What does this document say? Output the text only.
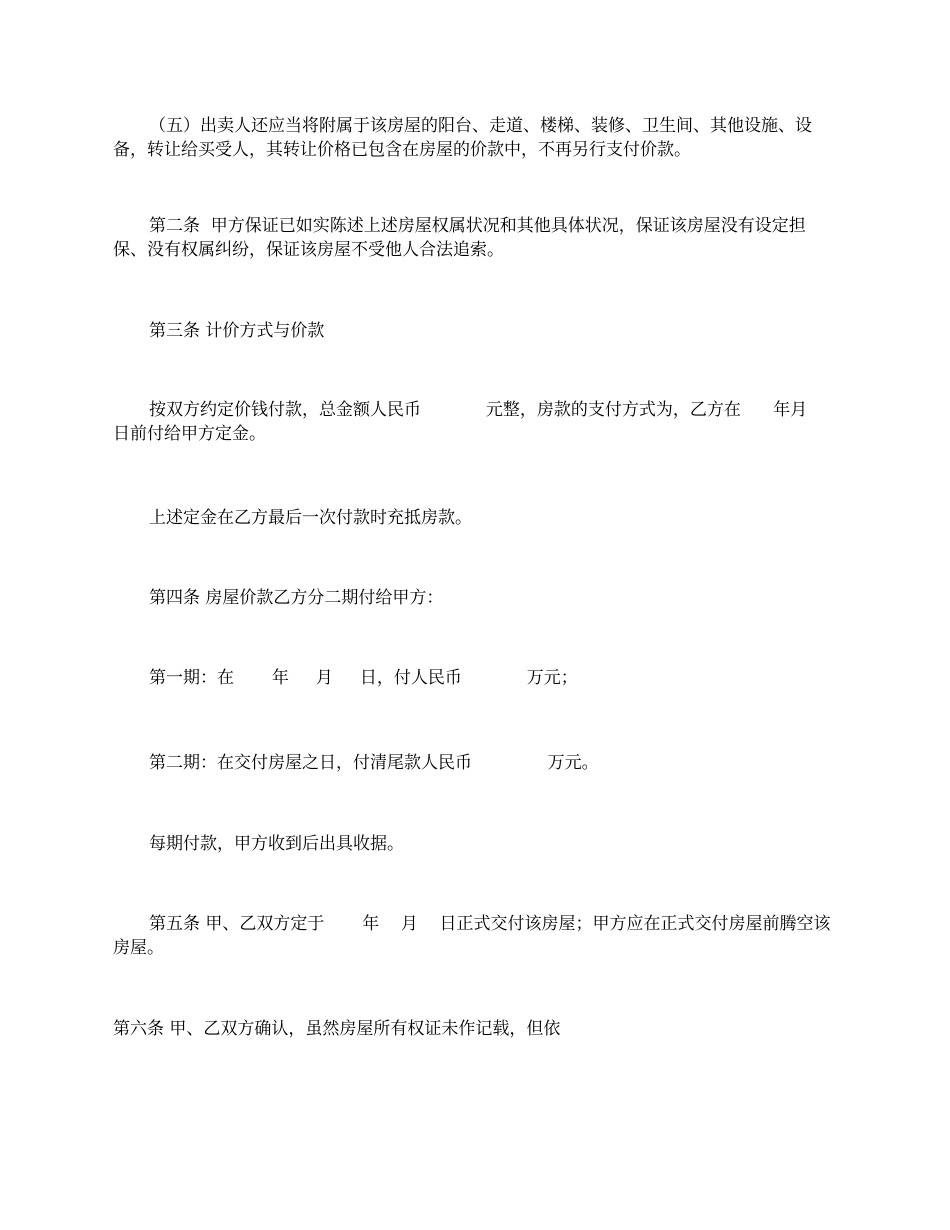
（五）出卖人还应当将附属于该房屋的阳台、走道、楼梯、装修、卫生间、其他设施、设备，转让给买受人，其转让价格已包含在房屋的价款中，不再另行支付价款。

第二条  甲方保证已如实陈述上述房屋权属状况和其他具体状况，保证该房屋没有设定担保、没有权属纠纷，保证该房屋不受他人合法追索。

第三条 计价方式与价款

按双方约定价钱付款，总金额人民币            元整，房款的支付方式为，乙方在      年月     日前付给甲方定金。

上述定金在乙方最后一次付款时充抵房款。

第四条 房屋价款乙方分二期付给甲方：

第一期：在       年     月     日，付人民币            万元；

第二期：在交付房屋之日，付清尾款人民币              万元。

每期付款，甲方收到后出具收据。

第五条 甲、乙双方定于       年    月    日正式交付该房屋；甲方应在正式交付房屋前腾空该房屋。

第六条 甲、乙双方确认，虽然房屋所有权证未作记载，但依
